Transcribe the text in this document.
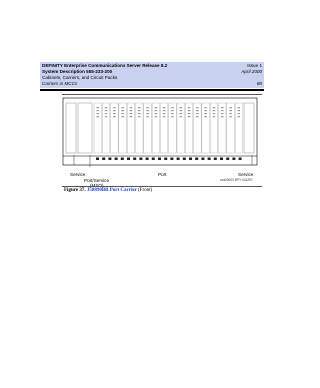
DEFINITY Enterprise Communications Server Release 8.2
System Description 555-233-200
Cabinets, Carriers, and Circuit Packs
Carriers in MCCs
Issue 1
April 2000
88
Service
Port/Service
Port	Service
cca00003 RPY 041297
Figure 37. J58890BB Port Carrier (Front)
